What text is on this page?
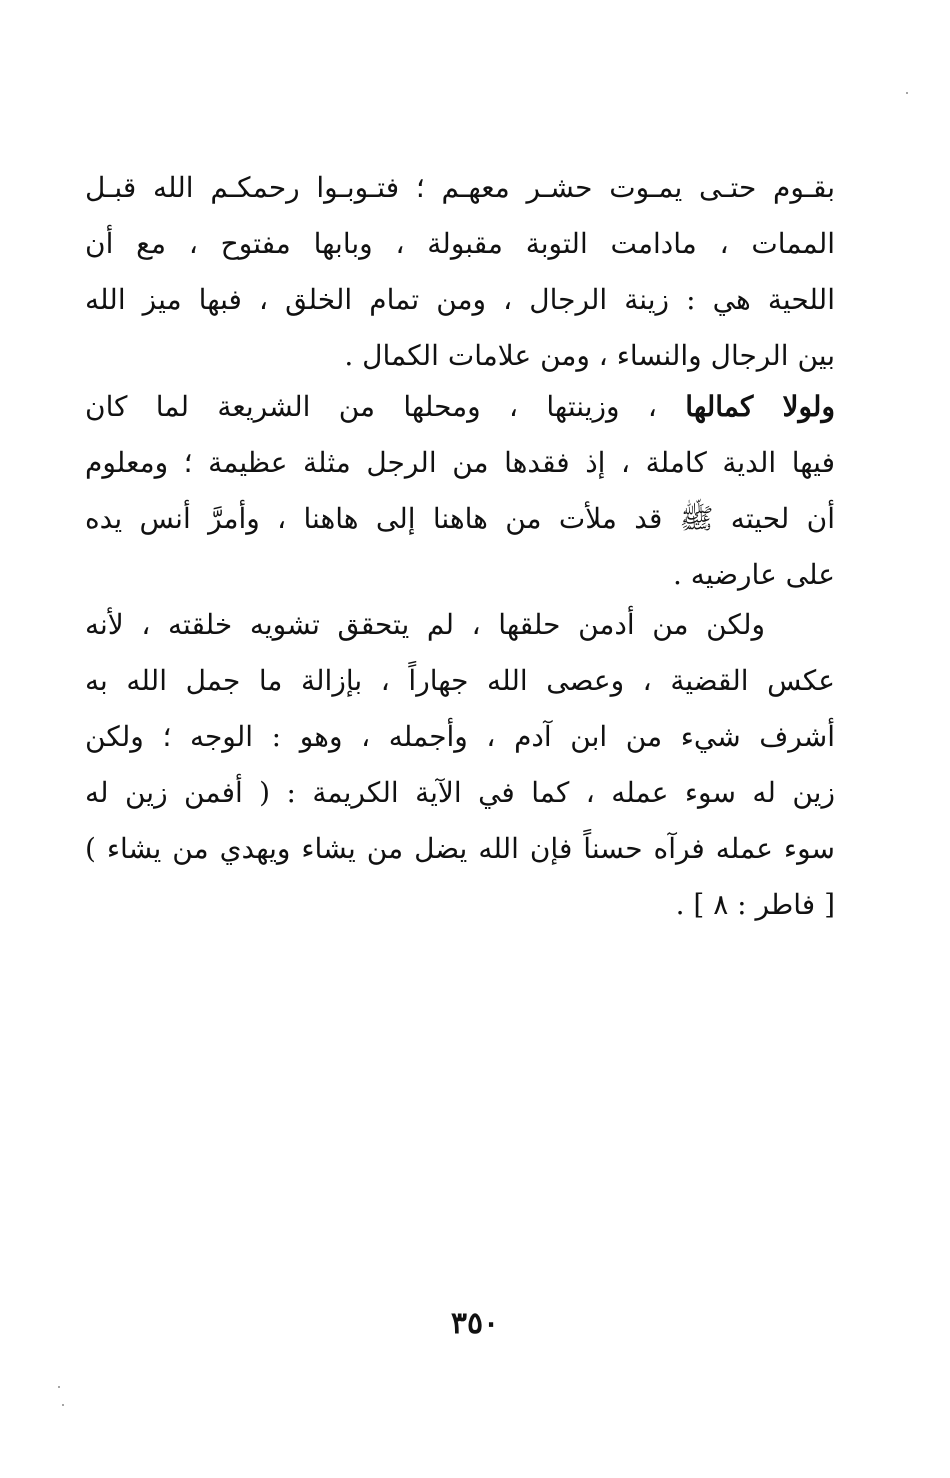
بقـوم حتـى يمـوت حشـر معهـم ؛ فتـوبـوا رحمكـم الله قبـل
الممات ، مادامت التوبة مقبولة ، وبابها مفتوح ، مع أن
اللحية هي : زينة الرجال ، ومن تمام الخلق ، فبها ميز الله
بين الرجال والنساء ، ومن علامات الكمال .
ولولا كمالها ، وزينتها ، ومحلها من الشريعة لما كان
فيها الدية كاملة ، إذ فقدها من الرجل مثلة عظيمة ؛ ومعلوم
أن لحيته ﷺ قد ملأت من هاهنا إلى هاهنا ، وأمرَّ أنس يده
على عارضيه .
ولكن من أدمن حلقها ، لم يتحقق تشويه خلقته ، لأنه
عكس القضية ، وعصى الله جهاراً ، بإزالة ما جمل الله به
أشرف شيء من ابن آدم ، وأجمله ، وهو : الوجه ؛ ولكن
زين له سوء عمله ، كما في الآية الكريمة : ( أفمن زين له
سوء عمله فرآه حسناً فإن الله يضل من يشاء ويهدي من يشاء )
[ فاطر : ٨ ] .
٣٥٠
